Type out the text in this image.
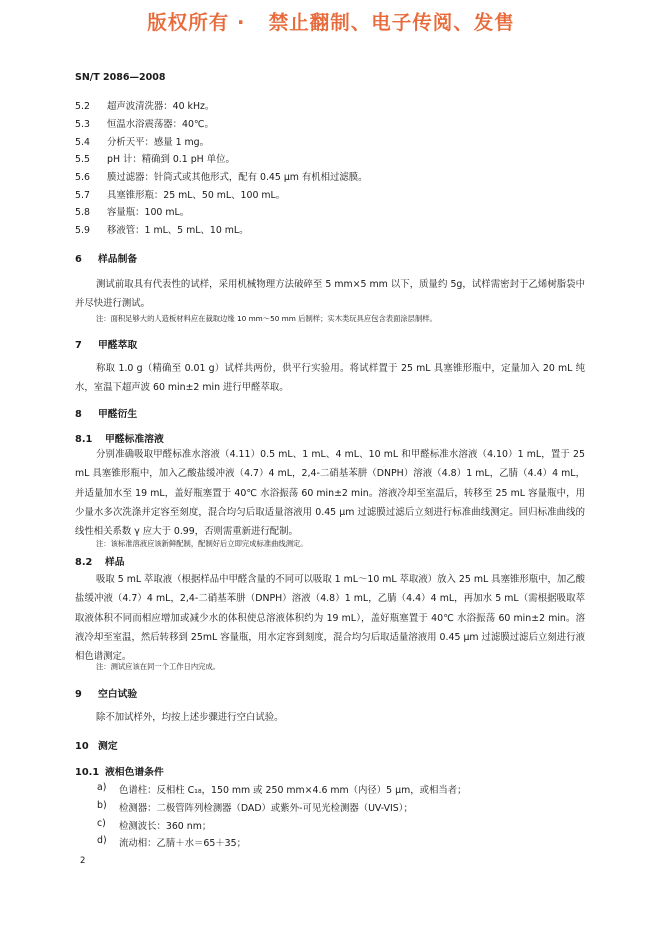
版权所有 ·   禁止翻制、电子传阅、发售
SN/T 2086—2008
5.2 超声波清洗器：40 kHz。
5.3 恒温水浴震荡器：40℃。
5.4 分析天平：感量 1 mg。
5.5 pH 计：精确到 0.1 pH 单位。
5.6 膜过滤器：针筒式或其他形式，配有 0.45 μm 有机相过滤膜。
5.7 具塞锥形瓶：25 mL、50 mL、100 mL。
5.8 容量瓶：100 mL。
5.9 移液管：1 mL、5 mL、10 mL。
6 样品制备

测试前取具有代表性的试样，采用机械物理方法破碎至 5 mm×5 mm 以下，质量约 5g，试样需密封于乙烯树脂袋中并尽快进行测试。

注：面积足够大的人造板材料应在裁取边缘 10 mm～50 mm 后制样；实木类玩具应包含表面涂层制样。
7 甲醛萃取

称取 1.0 g（精确至 0.01 g）试样共两份，供平行实验用。将试样置于 25 mL 具塞锥形瓶中，定量加入 20 mL 纯水，室温下超声波 60 min±2 min 进行甲醛萃取。

8 甲醛衍生
8.1 甲醛标准溶液

分别准确吸取甲醛标准水溶液（4.11）0.5 mL、1 mL、4 mL、10 mL 和甲醛标准水溶液（4.10）1 mL，置于 25 mL 具塞锥形瓶中，加入乙酸盐缓冲液（4.7）4 mL，2,4-二硝基苯肼（DNPH）溶液（4.8）1 mL，乙腈（4.4）4 mL，并适量加水至 19 mL，盖好瓶塞置于 40℃ 水浴振荡 60 min±2 min。溶液冷却至室温后，转移至 25 mL 容量瓶中，用少量水多次洗涤并定容至刻度，混合均匀后取适量溶液用 0.45 μm 过滤膜过滤后立刻进行标准曲线测定。回归标准曲线的线性相关系数 γ 应大于 0.99，否则需重新进行配制。

注：该标准溶液应该新鲜配制，配制好后立即完成标准曲线测定。
8.2 样品

吸取 5 mL 萃取液（根据样品中甲醛含量的不同可以吸取 1 mL～10 mL 萃取液）放入 25 mL 具塞锥形瓶中，加乙酸盐缓冲液（4.7）4 mL，2,4-二硝基苯肼（DNPH）溶液（4.8）1 mL，乙腈（4.4）4 mL，再加水 5 mL（需根据吸取萃取液体积不同而相应增加或减少水的体积使总溶液体积约为 19 mL），盖好瓶塞置于 40℃ 水浴振荡 60 min±2 min。溶液冷却至室温，然后转移到 25mL 容量瓶，用水定容到刻度，混合均匀后取适量溶液用 0.45 μm 过滤膜过滤后立刻进行液相色谱测定。

注：测试应该在同一个工作日内完成。
9 空白试验

除不加试样外，均按上述步骤进行空白试验。

10 测定
10.1 液相色谱条件
a) 色谱柱：反相柱 C₁₈，150 mm 或 250 mm×4.6 mm（内径）5 μm，或相当者；
b) 检测器：二极管阵列检测器（DAD）或紫外-可见光检测器（UV-VIS）；
c) 检测波长：360 nm；
d) 流动相：乙腈＋水＝65＋35；
2
